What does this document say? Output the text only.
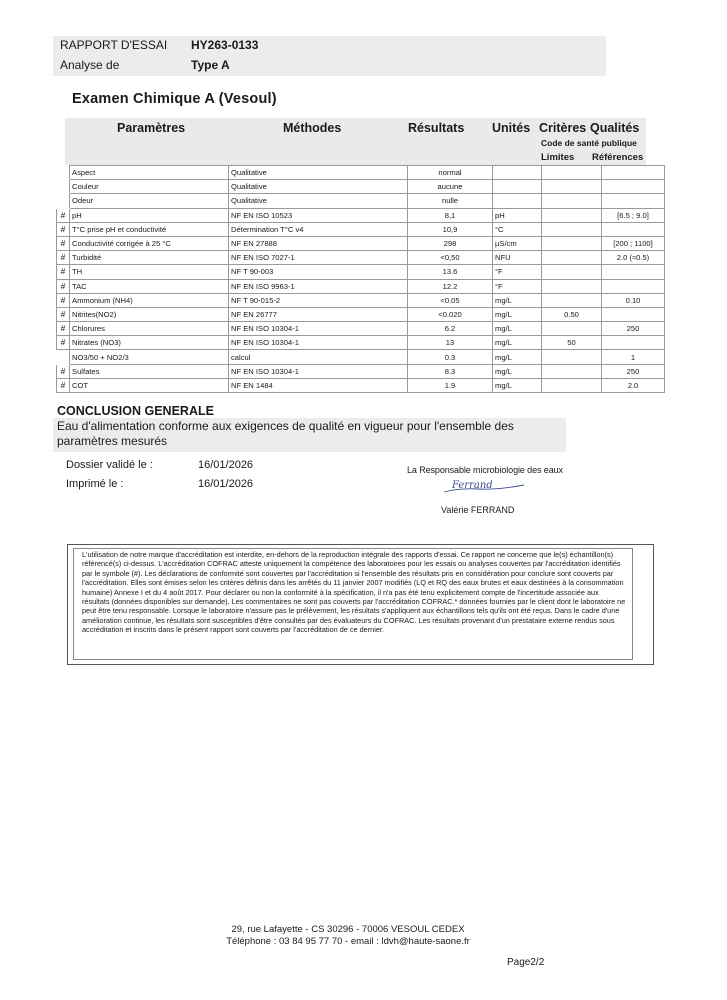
RAPPORT D'ESSAI HY263-0133
Analyse de	Type A
Examen Chimique A (Vesoul)
Paramètres	Méthodes	Résultats Unités Critères Qualités
Code de santé publique
Limites Références
	Aspect	Qualitative	normal			
	Couleur	Qualitative	aucune			
	Odeur	Qualitative	nulle			
#	pH	NF EN ISO 10523	8,1	pH		[6.5 ; 9.0]
#	T°C prise pH et conductivité	Détermination T°C v4	10,9	°C		
#	Conductivité corrigée à 25 °C	NF EN 27888	298	µS/cm		[200 ; 1100]
#	Turbidité	NF EN ISO 7027-1	<0,50	NFU		2.0 (≈0.5)
#	TH	NF T 90-003	13.6	°F		
#	TAC	NF EN ISO 9963-1	12.2	°F		
#	Ammonium (NH4)	NF T 90-015-2	<0.05	mg/L		0.10
#	Nitrites(NO2)	NF EN 26777	<0.020	mg/L	0.50	
#	Chlorures	NF EN ISO 10304-1	6.2	mg/L		250
#	Nitrates (NO3)	NF EN ISO 10304-1	13	mg/L	50	
	NO3/50 + NO2/3	calcul	0.3	mg/L		1
#	Sulfates	NF EN ISO 10304-1	8.3	mg/L		250
#	COT	NF EN 1484	1.9	mg/L		2.0
CONCLUSION GENERALE
Eau d'alimentation conforme aux exigences de qualité en vigueur pour l'ensemble des paramètres mesurés
Dossier validé le :	16/01/2026
Imprimé le :	16/01/2026
La Responsable microbiologie des eaux
Ferrand
Valérie FERRAND
L'utilisation de notre marque d'accréditation est interdite, en-dehors de la reproduction intégrale des rapports d'essai. Ce rapport ne concerne que le(s) échantillon(s) référencé(s) ci-dessus. L'accréditation COFRAC atteste uniquement la compétence des laboratoires pour les essais ou analyses couvertes par l'accréditation identifiés par le symbole (#). Les déclarations de conformité sont couvertes par l'accréditation si l'ensemble des résultats pris en considération pour conclure sont couverts par l'accréditation. Elles sont émises selon les critères définis dans les arrêtés du 11 janvier 2007 modifiés (LQ et RQ des eaux brutes et eaux destinées à la consommation humaine) Annexe I et du 4 août 2017. Pour déclarer ou non la conformité à la spécification, il n'a pas été tenu explicitement compte de l'incertitude associée aux résultats (données disponibles sur demande). Les commentaires ne sont pas couverts par l'accréditation COFRAC.* données fournies par le client dont le laboratoire ne peut être tenu responsable. Lorsque le laboratoire n'assure pas le prélèvement, les résultats s'appliquent aux échantillons tels qu'ils ont été reçus. Dans le cadre d'une amélioration continue, les résultats sont susceptibles d'être consultés par des évaluateurs du COFRAC. Les résultats provenant d'un prestataire externe rendus sous accréditation et inscrits dans le présent rapport sont couverts par l'accréditation de ce dernier.
29, rue Lafayette - CS 30296 - 70006 VESOUL CEDEX
Téléphone : 03 84 95 77 70 - email : ldvh@haute-saone.fr
Page2/2
